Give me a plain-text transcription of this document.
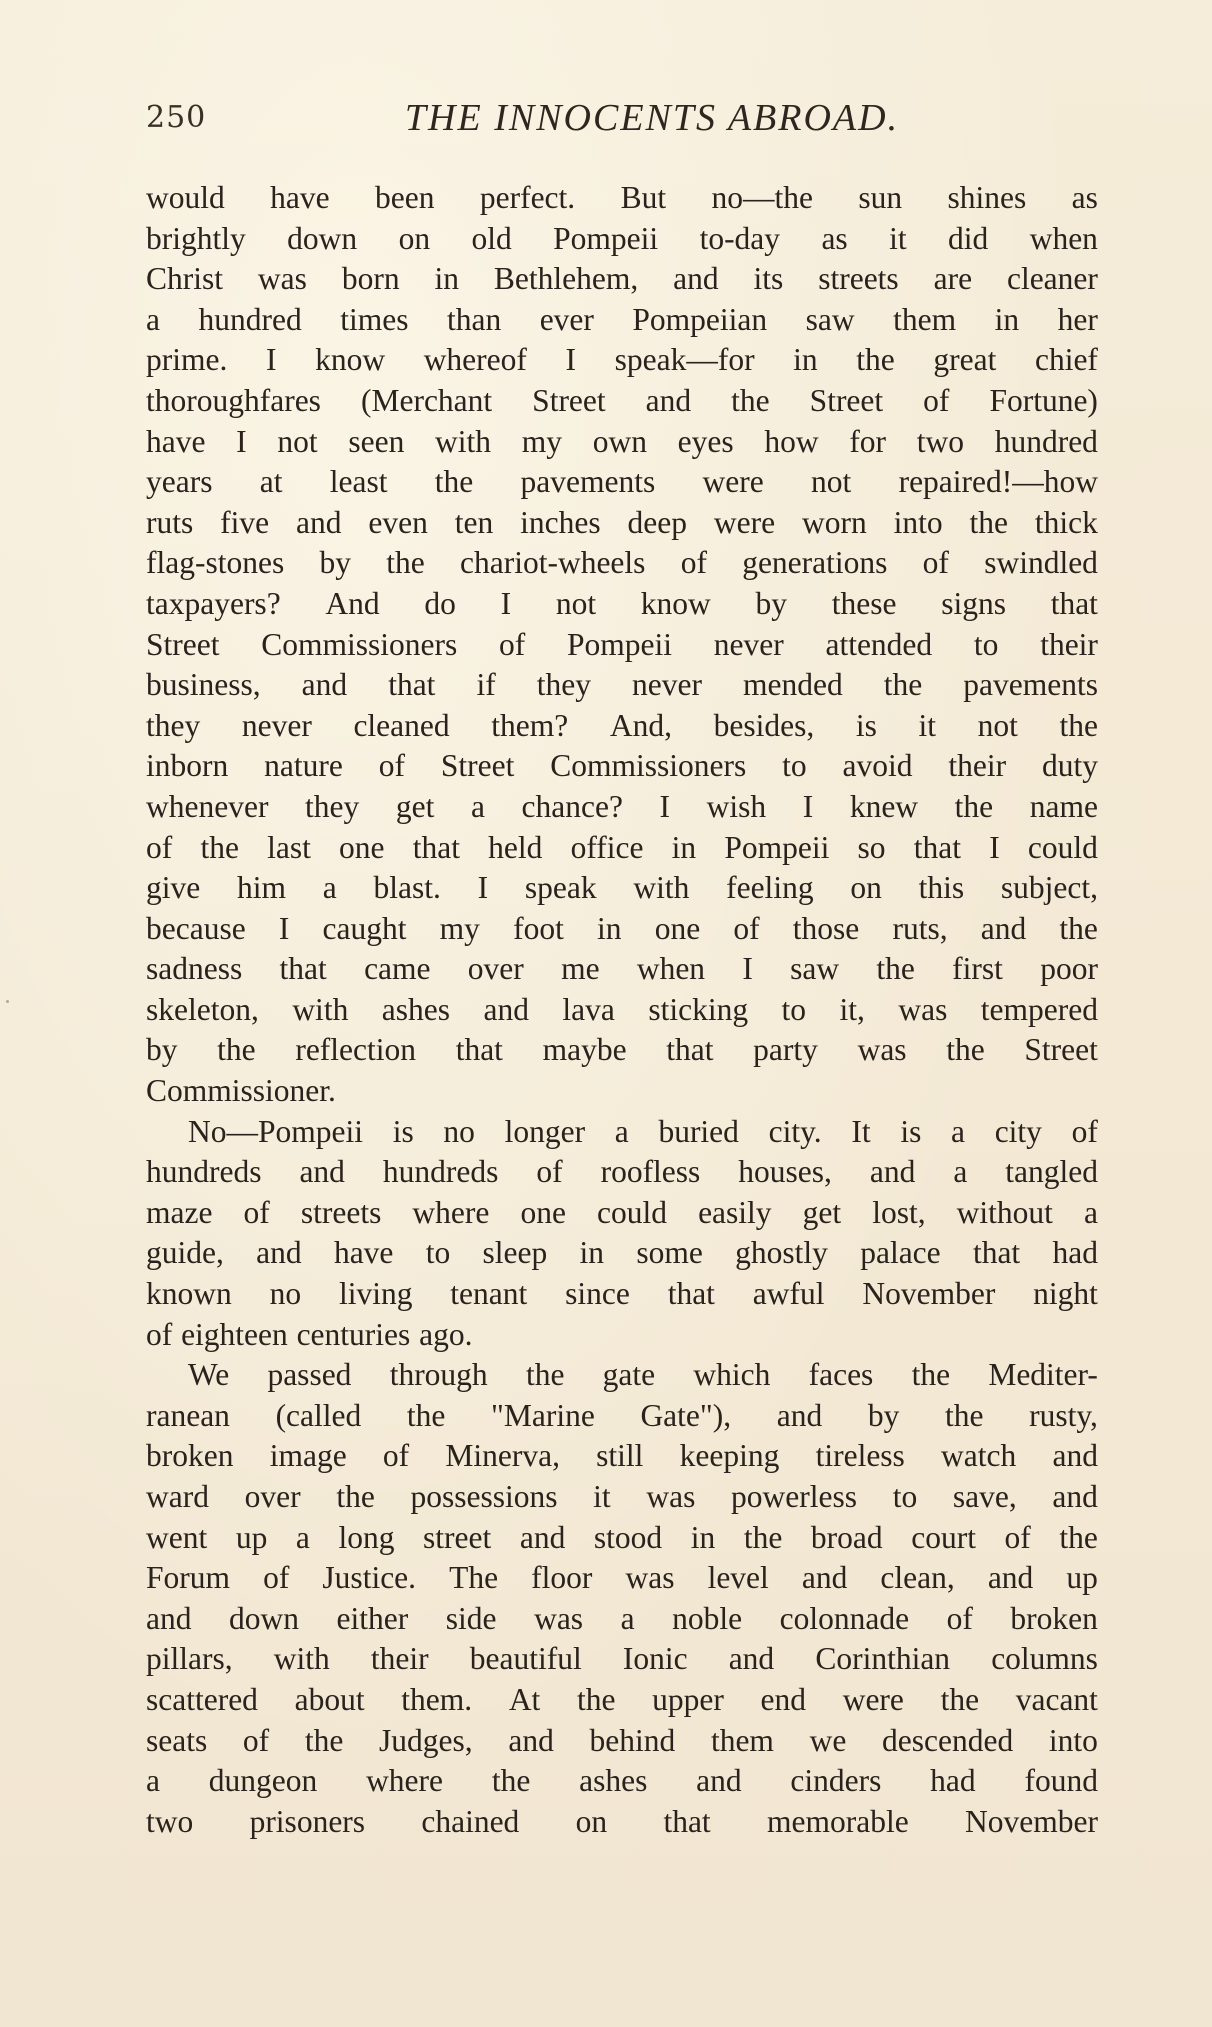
250	THE INNOCENTS ABROAD.
would have been perfect. But no—the sun shines as
brightly down on old Pompeii to-day as it did when
Christ was born in Bethlehem, and its streets are cleaner
a hundred times than ever Pompeiian saw them in her
prime. I know whereof I speak—for in the great chief
thoroughfares (Merchant Street and the Street of Fortune)
have I not seen with my own eyes how for two hundred
years at least the pavements were not repaired!—how
ruts five and even ten inches deep were worn into the thick
flag-stones by the chariot-wheels of generations of swindled
taxpayers? And do I not know by these signs that
Street Commissioners of Pompeii never attended to their
business, and that if they never mended the pavements
they never cleaned them? And, besides, is it not the
inborn nature of Street Commissioners to avoid their duty
whenever they get a chance? I wish I knew the name
of the last one that held office in Pompeii so that I could
give him a blast. I speak with feeling on this subject,
because I caught my foot in one of those ruts, and the
sadness that came over me when I saw the first poor
skeleton, with ashes and lava sticking to it, was tempered
by the reflection that maybe that party was the Street
Commissioner.
No—Pompeii is no longer a buried city. It is a city of
hundreds and hundreds of roofless houses, and a tangled
maze of streets where one could easily get lost, without a
guide, and have to sleep in some ghostly palace that had
known no living tenant since that awful November night
of eighteen centuries ago.
We passed through the gate which faces the Mediter-
ranean (called the "Marine Gate"), and by the rusty,
broken image of Minerva, still keeping tireless watch and
ward over the possessions it was powerless to save, and
went up a long street and stood in the broad court of the
Forum of Justice. The floor was level and clean, and up
and down either side was a noble colonnade of broken
pillars, with their beautiful Ionic and Corinthian columns
scattered about them. At the upper end were the vacant
seats of the Judges, and behind them we descended into
a dungeon where the ashes and cinders had found
two prisoners chained on that memorable November
